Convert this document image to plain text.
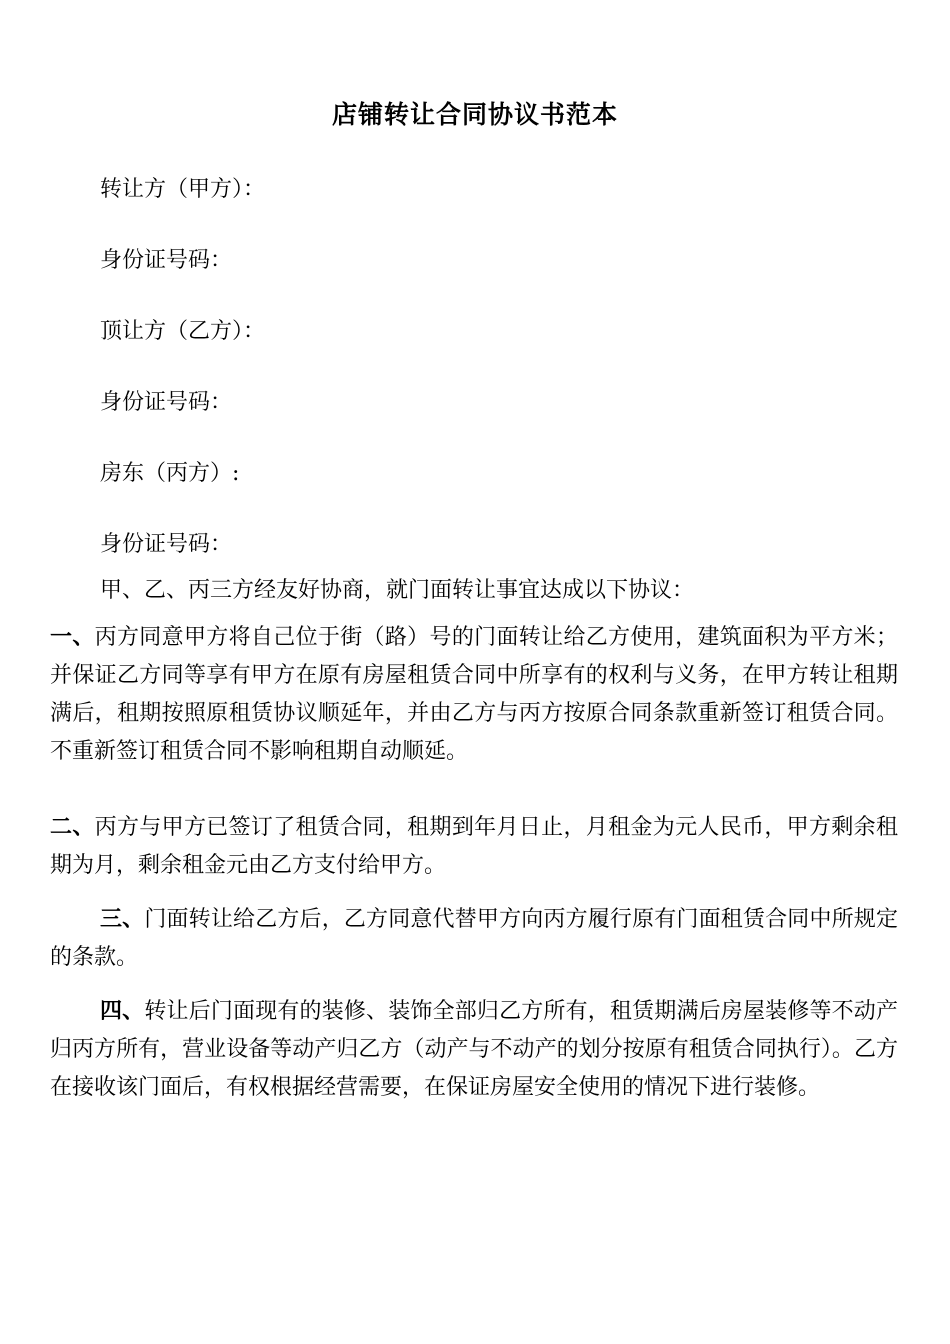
店铺转让合同协议书范本
转让方（甲方）：
身份证号码：
顶让方（乙方）：
身份证号码：
房东（丙方）:
身份证号码：
甲、乙、丙三方经友好协商，就门面转让事宜达成以下协议：
一、丙方同意甲方将自己位于街（路）号的门面转让给乙方使用，建筑面积为平方米；并保证乙方同等享有甲方在原有房屋租赁合同中所享有的权利与义务，在甲方转让租期满后，租期按照原租赁协议顺延年，并由乙方与丙方按原合同条款重新签订租赁合同。不重新签订租赁合同不影响租期自动顺延。
二、丙方与甲方已签订了租赁合同，租期到年月日止，月租金为元人民币，甲方剩余租期为月，剩余租金元由乙方支付给甲方。
三、门面转让给乙方后，乙方同意代替甲方向丙方履行原有门面租赁合同中所规定的条款。
四、转让后门面现有的装修、装饰全部归乙方所有，租赁期满后房屋装修等不动产归丙方所有，营业设备等动产归乙方（动产与不动产的划分按原有租赁合同执行）。乙方在接收该门面后，有权根据经营需要，在保证房屋安全使用的情况下进行装修。
